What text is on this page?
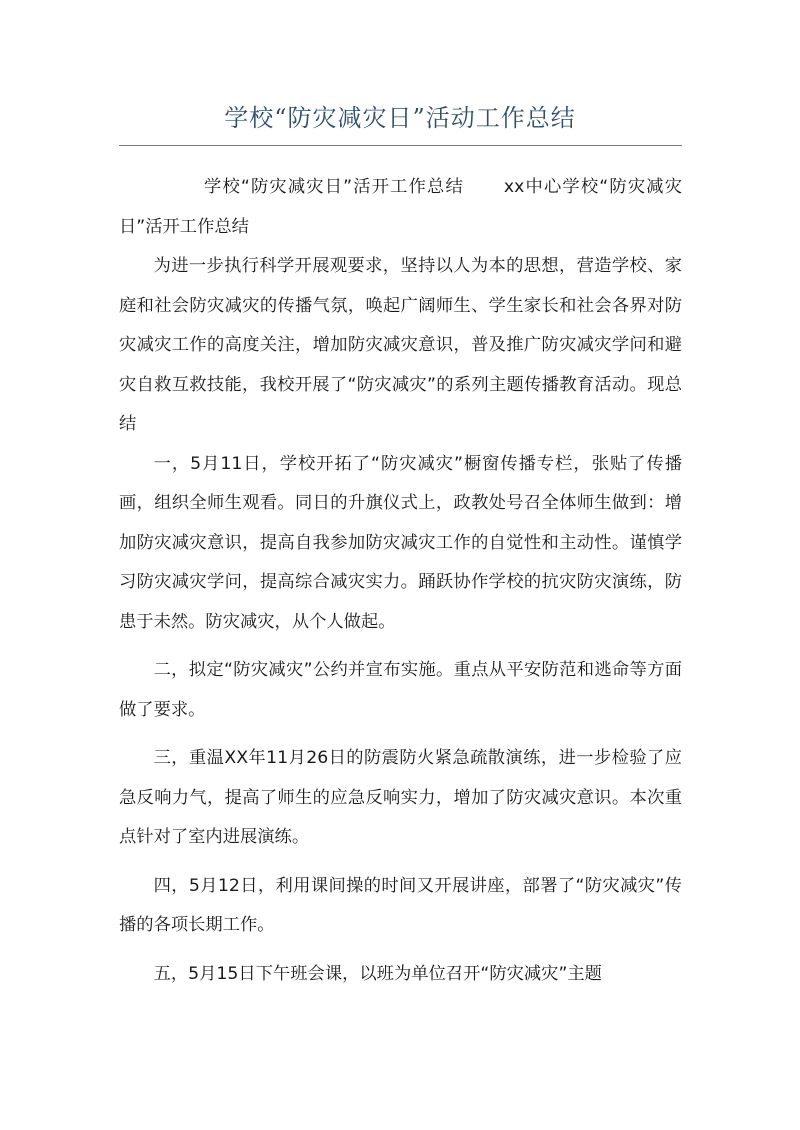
学校“防灾减灾日”活动工作总结

学校“防灾减灾日”活开工作总结 xx中心学校“防灾减灾日”活开工作总结

为进一步执行科学开展观要求，坚持以人为本的思想，营造学校、家庭和社会防灾减灾的传播气氛，唤起广阔师生、学生家长和社会各界对防灾减灾工作的高度关注，增加防灾减灾意识，普及推广防灾减灾学问和避灾自救互救技能，我校开展了“防灾减灾”的系列主题传播教育活动。现总结

一，5月11日，学校开拓了“防灾减灾”橱窗传播专栏，张贴了传播画，组织全师生观看。同日的升旗仪式上，政教处号召全体师生做到：增加防灾减灾意识，提高自我参加防灾减灾工作的自觉性和主动性。谨慎学习防灾减灾学问，提高综合减灾实力。踊跃协作学校的抗灾防灾演练，防患于未然。防灾减灾，从个人做起。

二，拟定“防灾减灾”公约并宣布实施。重点从平安防范和逃命等方面做了要求。

三，重温XX年11月26日的防震防火紧急疏散演练，进一步检验了应急反响力气，提高了师生的应急反响实力，增加了防灾减灾意识。本次重点针对了室内进展演练。

四，5月12日，利用课间操的时间又开展讲座，部署了“防灾减灾”传播的各项长期工作。

五，5月15日下午班会课，以班为单位召开“防灾减灾”主题
